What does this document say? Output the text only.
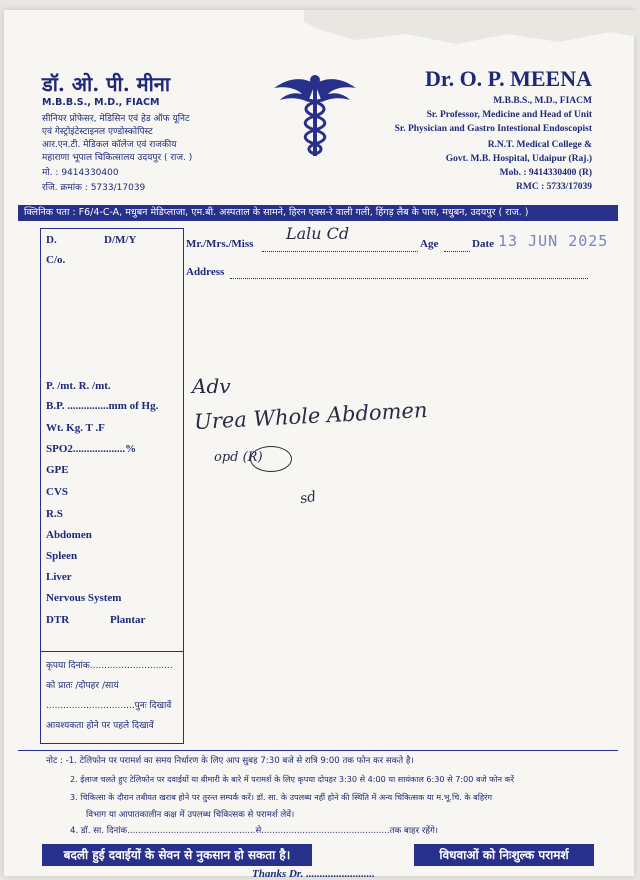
डॉ. ओ. पी. मीना
M.B.B.S., M.D., FIACM
सीनियर प्रोफेसर, मेडिसिन एवं हेड ऑफ यूनिट
एवं गेस्ट्रोइंटेस्टाइनल एण्डोस्कोपिस्ट
आर.एन.टी. मेडिकल कॉलेज एवं राजकीय
महाराणा भूपाल चिकित्सालय उदयपुर ( राज. )
मो. : 9414330400
रजि. क्रमांक : 5733/17039
Dr. O. P. MEENA
M.B.B.S., M.D., FIACM
Sr. Professor, Medicine and Head of Unit
Sr. Physician and Gastro Intestional Endoscopist
R.N.T. Medical College &
Govt. M.B. Hospital, Udaipur (Raj.)
Mob. : 9414330400 (R)
RMC : 5733/17039
क्लिनिक पता : F6/4-C-A, मधुबन मेडिप्लाजा, एम.बी. अस्पताल के सामने, हिरन एक्स-रे वाली गली, हिंगड़ लैब के पास, मधुबन, उदयपुर ( राज. )
D.	D/M/Y
C/o.
P. /mt. R. /mt.
B.P. ...............mm of Hg.
Wt. Kg. T .F
SPO2...................%
GPE
CVS
R.S
Abdomen
Spleen
Liver
Nervous System
DTR	Plantar
कृपया दिनांक.............................
को प्रातः /दोपहर /सायं
...............................पुनः दिखावें
आवश्यकता होने पर पहले दिखावें
Mr./Mrs./Miss
Lalu Cd
Age	Date 13 JUN 2025
Address
Adv
Urea Whole Abdomen
opd (R)
sd
नोट : -1. टेलिफोन पर परामर्श का समय निर्धारण के लिए आप सुबह 7:30 बजे से रात्रि 9:00 तक फोन कर सकते है।
2. ईलाज चलते हुए टेलिफोन पर दवाईयों या बीमारी के बारे में परामर्श के लिए कृपया दोपहर 3:30 से 4:00 या सायंकाल 6:30 से 7:00 बजे फोन करें
3. चिकित्सा के दौरान तबीयत खराब होने पर तुरन्त सम्पर्क करें। डॉ. सा. के उपलब्ध नहीं होने की स्थिति में अन्य चिकित्सक या म.भू.चि. के बहिरंग
विभाग या आपातकालीन कक्ष में उपलब्ध चिकित्सक से परामर्श लेवें।
4. डॉ. सा. दिनांक...............................................से...............................................तक बाहर रहेंगे।
बदली हुई दवाईयों के सेवन से नुकसान हो सकता है।	विधवाओं को निःशुल्क परामर्श
Thanks Dr. .........................
